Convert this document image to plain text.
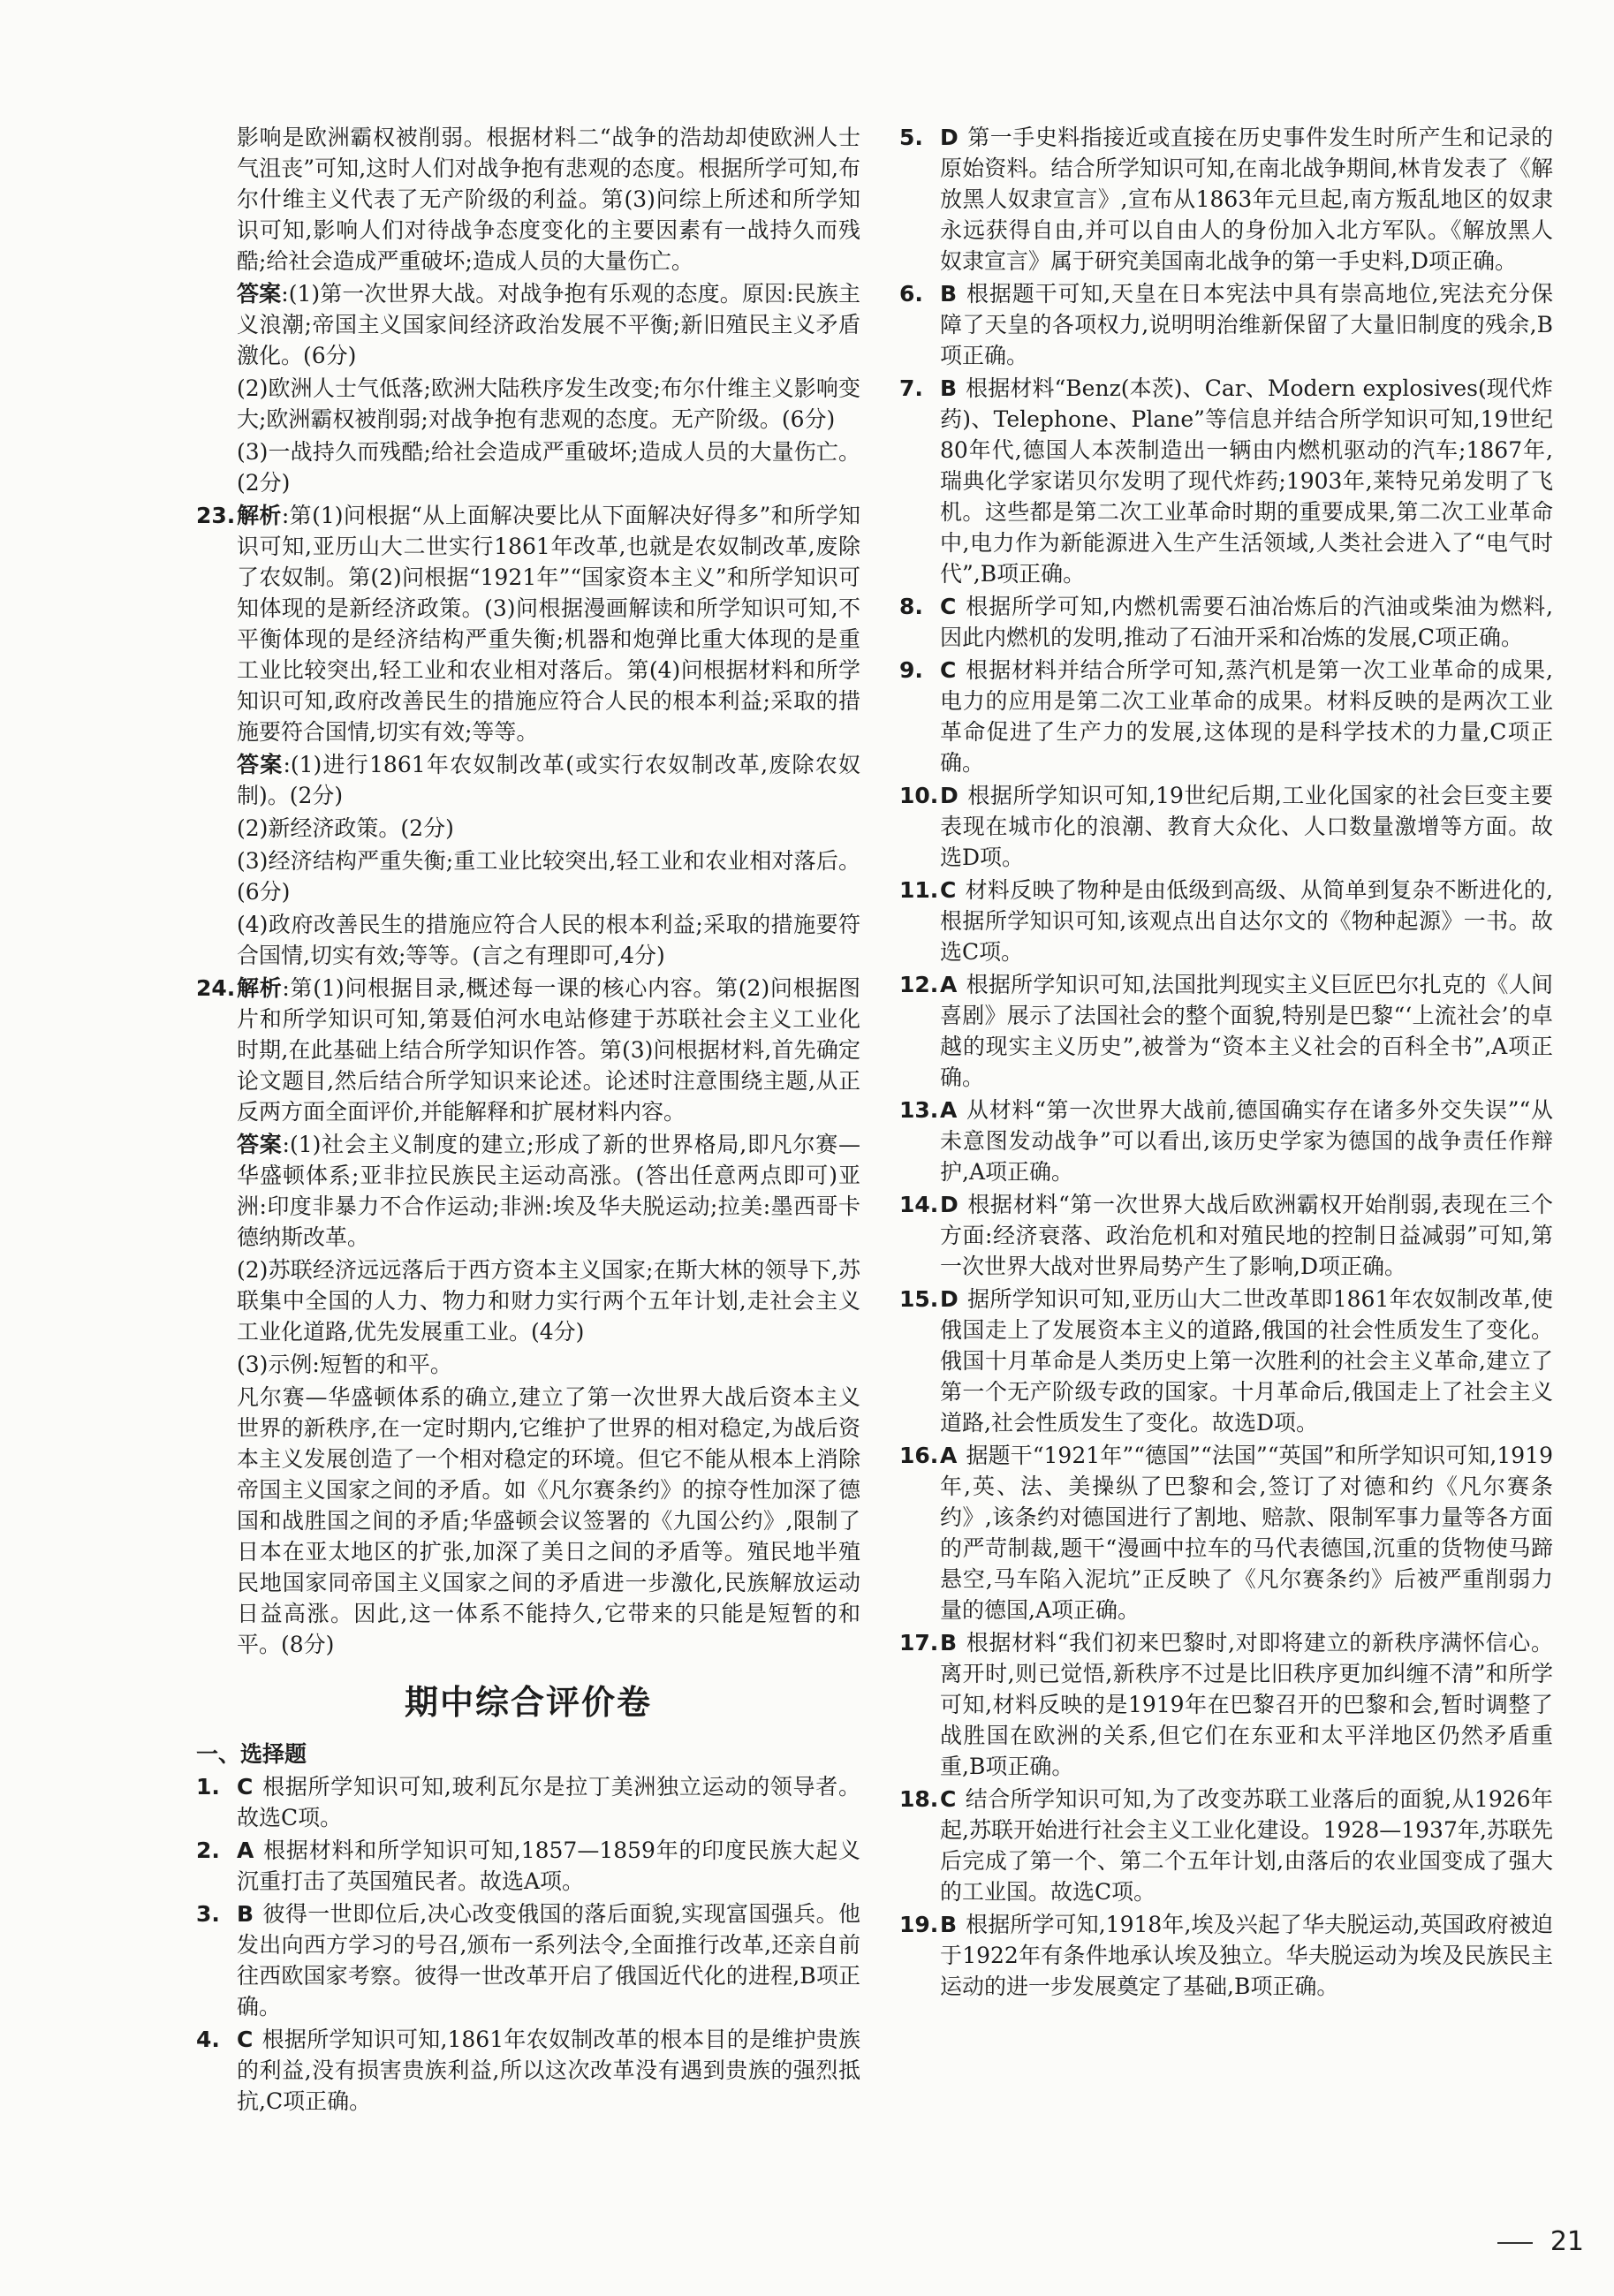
影响是欧洲霸权被削弱。根据材料二“战争的浩劫却使欧洲人士气沮丧”可知,这时人们对战争抱有悲观的态度。根据所学可知,布尔什维主义代表了无产阶级的利益。第(3)问综上所述和所学知识可知,影响人们对待战争态度变化的主要因素有一战持久而残酷;给社会造成严重破坏;造成人员的大量伤亡。

答案:(1)第一次世界大战。对战争抱有乐观的态度。原因:民族主义浪潮;帝国主义国家间经济政治发展不平衡;新旧殖民主义矛盾激化。(6分)

(2)欧洲人士气低落;欧洲大陆秩序发生改变;布尔什维主义影响变大;欧洲霸权被削弱;对战争抱有悲观的态度。无产阶级。(6分)

(3)一战持久而残酷;给社会造成严重破坏;造成人员的大量伤亡。(2分)

23. 解析:第(1)问根据“从上面解决要比从下面解决好得多”和所学知识可知,亚历山大二世实行1861年改革,也就是农奴制改革,废除了农奴制。第(2)问根据“1921年”“国家资本主义”和所学知识可知体现的是新经济政策。(3)问根据漫画解读和所学知识可知,不平衡体现的是经济结构严重失衡;机器和炮弹比重大体现的是重工业比较突出,轻工业和农业相对落后。第(4)问根据材料和所学知识可知,政府改善民生的措施应符合人民的根本利益;采取的措施要符合国情,切实有效;等等。

答案:(1)进行1861年农奴制改革(或实行农奴制改革,废除农奴制)。(2分)

(2)新经济政策。(2分)

(3)经济结构严重失衡;重工业比较突出,轻工业和农业相对落后。(6分)

(4)政府改善民生的措施应符合人民的根本利益;采取的措施要符合国情,切实有效;等等。(言之有理即可,4分)

24. 解析:第(1)问根据目录,概述每一课的核心内容。第(2)问根据图片和所学知识可知,第聂伯河水电站修建于苏联社会主义工业化时期,在此基础上结合所学知识作答。第(3)问根据材料,首先确定论文题目,然后结合所学知识来论述。论述时注意围绕主题,从正反两方面全面评价,并能解释和扩展材料内容。

答案:(1)社会主义制度的建立;形成了新的世界格局,即凡尔赛—华盛顿体系;亚非拉民族民主运动高涨。(答出任意两点即可)亚洲:印度非暴力不合作运动;非洲:埃及华夫脱运动;拉美:墨西哥卡德纳斯改革。

(2)苏联经济远远落后于西方资本主义国家;在斯大林的领导下,苏联集中全国的人力、物力和财力实行两个五年计划,走社会主义工业化道路,优先发展重工业。(4分)

(3)示例:短暂的和平。

凡尔赛—华盛顿体系的确立,建立了第一次世界大战后资本主义世界的新秩序,在一定时期内,它维护了世界的相对稳定,为战后资本主义发展创造了一个相对稳定的环境。但它不能从根本上消除帝国主义国家之间的矛盾。如《凡尔赛条约》的掠夺性加深了德国和战胜国之间的矛盾;华盛顿会议签署的《九国公约》,限制了日本在亚太地区的扩张,加深了美日之间的矛盾等。殖民地半殖民地国家同帝国主义国家之间的矛盾进一步激化,民族解放运动日益高涨。因此,这一体系不能持久,它带来的只能是短暂的和平。(8分)

期中综合评价卷
一、选择题

1. C 根据所学知识可知,玻利瓦尔是拉丁美洲独立运动的领导者。故选C项。

2. A 根据材料和所学知识可知,1857—1859年的印度民族大起义沉重打击了英国殖民者。故选A项。

3. B 彼得一世即位后,决心改变俄国的落后面貌,实现富国强兵。他发出向西方学习的号召,颁布一系列法令,全面推行改革,还亲自前往西欧国家考察。彼得一世改革开启了俄国近代化的进程,B项正确。

4. C 根据所学知识可知,1861年农奴制改革的根本目的是维护贵族的利益,没有损害贵族利益,所以这次改革没有遇到贵族的强烈抵抗,C项正确。

5. D 第一手史料指接近或直接在历史事件发生时所产生和记录的原始资料。结合所学知识可知,在南北战争期间,林肯发表了《解放黑人奴隶宣言》,宣布从1863年元旦起,南方叛乱地区的奴隶永远获得自由,并可以自由人的身份加入北方军队。《解放黑人奴隶宣言》属于研究美国南北战争的第一手史料,D项正确。

6. B 根据题干可知,天皇在日本宪法中具有崇高地位,宪法充分保障了天皇的各项权力,说明明治维新保留了大量旧制度的残余,B项正确。

7. B 根据材料“Benz(本茨)、Car、Modern explosives(现代炸药)、Telephone、Plane”等信息并结合所学知识可知,19世纪80年代,德国人本茨制造出一辆由内燃机驱动的汽车;1867年,瑞典化学家诺贝尔发明了现代炸药;1903年,莱特兄弟发明了飞机。这些都是第二次工业革命时期的重要成果,第二次工业革命中,电力作为新能源进入生产生活领域,人类社会进入了“电气时代”,B项正确。

8. C 根据所学可知,内燃机需要石油冶炼后的汽油或柴油为燃料,因此内燃机的发明,推动了石油开采和冶炼的发展,C项正确。

9. C 根据材料并结合所学可知,蒸汽机是第一次工业革命的成果,电力的应用是第二次工业革命的成果。材料反映的是两次工业革命促进了生产力的发展,这体现的是科学技术的力量,C项正确。

10. D 根据所学知识可知,19世纪后期,工业化国家的社会巨变主要表现在城市化的浪潮、教育大众化、人口数量激增等方面。故选D项。

11. C 材料反映了物种是由低级到高级、从简单到复杂不断进化的,根据所学知识可知,该观点出自达尔文的《物种起源》一书。故选C项。

12. A 根据所学知识可知,法国批判现实主义巨匠巴尔扎克的《人间喜剧》展示了法国社会的整个面貌,特别是巴黎“‘上流社会’的卓越的现实主义历史”,被誉为“资本主义社会的百科全书”,A项正确。

13. A 从材料“第一次世界大战前,德国确实存在诸多外交失误”“从未意图发动战争”可以看出,该历史学家为德国的战争责任作辩护,A项正确。

14. D 根据材料“第一次世界大战后欧洲霸权开始削弱,表现在三个方面:经济衰落、政治危机和对殖民地的控制日益减弱”可知,第一次世界大战对世界局势产生了影响,D项正确。

15. D 据所学知识可知,亚历山大二世改革即1861年农奴制改革,使俄国走上了发展资本主义的道路,俄国的社会性质发生了变化。俄国十月革命是人类历史上第一次胜利的社会主义革命,建立了第一个无产阶级专政的国家。十月革命后,俄国走上了社会主义道路,社会性质发生了变化。故选D项。

16. A 据题干“1921年”“德国”“法国”“英国”和所学知识可知,1919年,英、法、美操纵了巴黎和会,签订了对德和约《凡尔赛条约》,该条约对德国进行了割地、赔款、限制军事力量等各方面的严苛制裁,题干“漫画中拉车的马代表德国,沉重的货物使马蹄悬空,马车陷入泥坑”正反映了《凡尔赛条约》后被严重削弱力量的德国,A项正确。

17. B 根据材料“我们初来巴黎时,对即将建立的新秩序满怀信心。离开时,则已觉悟,新秩序不过是比旧秩序更加纠缠不清”和所学可知,材料反映的是1919年在巴黎召开的巴黎和会,暂时调整了战胜国在欧洲的关系,但它们在东亚和太平洋地区仍然矛盾重重,B项正确。

18. C 结合所学知识可知,为了改变苏联工业落后的面貌,从1926年起,苏联开始进行社会主义工业化建设。1928—1937年,苏联先后完成了第一个、第二个五年计划,由落后的农业国变成了强大的工业国。故选C项。

19. B 根据所学可知,1918年,埃及兴起了华夫脱运动,英国政府被迫于1922年有条件地承认埃及独立。华夫脱运动为埃及民族民主运动的进一步发展奠定了基础,B项正确。

21
